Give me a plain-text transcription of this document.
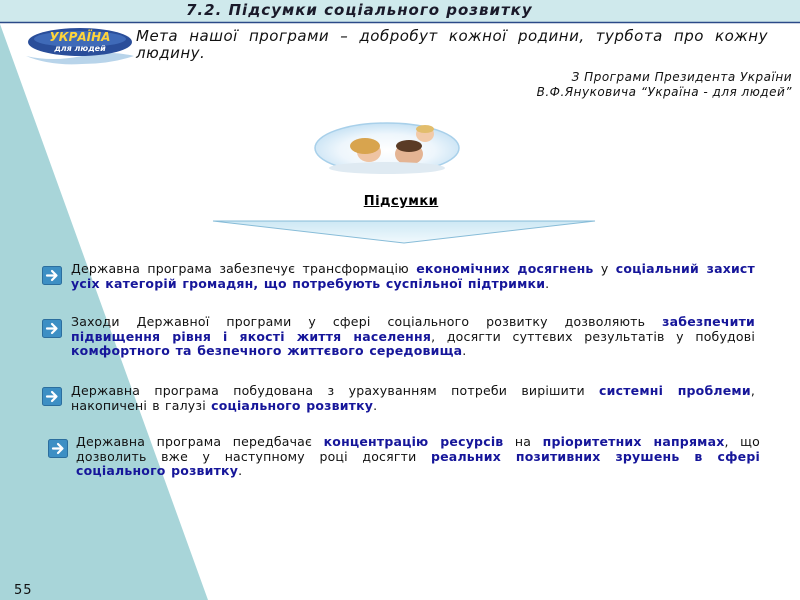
7.2. Підсумки соціального розвитку
УКРАЇНА
для людей
Мета нашої програми – добробут кожної родини, турбота про кожну людину.
З Програми Президента України
В.Ф.Януковича “Україна - для людей”
Підсумки
Державна програма забезпечує трансформацію економічних досягнень у соціальний захист усіх категорій громадян, що потребують суспільної підтримки.
Заходи Державної програми у сфері соціального розвитку дозволяють забезпечити підвищення рівня і якості життя населення, досягти суттєвих результатів у побудові комфортного та безпечного життєвого середовища.
Державна програма побудована з урахуванням потреби вирішити системні проблеми, накопичені в галузі соціального розвитку.
Державна програма передбачає концентрацію ресурсів на пріоритетних напрямах, що дозволить вже у наступному році досягти реальних позитивних зрушень в сфері соціального розвитку.
55
